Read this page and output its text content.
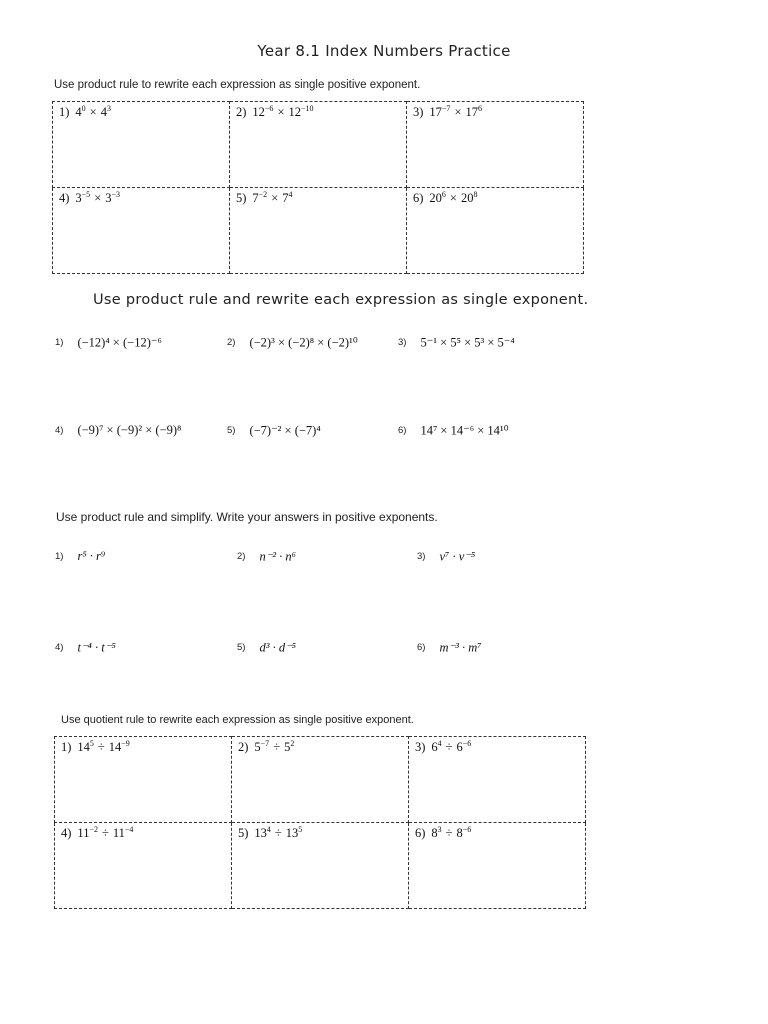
Year 8.1 Index Numbers Practice
Use product rule to rewrite each expression as single positive exponent.
1) $4^0 \times 4^3$	2) $12^{-6} \times 12^{-10}$	3) $17^{-7} \times 17^6$
4) $3^{-5} \times 3^{-3}$	5) $7^{-2} \times 7^4$	6) $20^6 \times 20^8$
Use product rule and rewrite each expression as single exponent.
1) (−12)⁴ × (−12)⁻⁶	2) (−2)³ × (−2)⁸ × (−2)¹⁰	3) 5⁻¹ × 5⁵ × 5³ × 5⁻⁴
4) (−9)⁷ × (−9)² × (−9)⁸	5) (−7)⁻² × (−7)⁴	6) 14⁷ × 14⁻⁶ × 14¹⁰
Use product rule and simplify. Write your answers in positive exponents.
1) r⁵ · r⁹	2) n⁻² · n⁶	3) v⁷ · v⁻⁵
4) t⁻⁴ · t⁻⁵	5) d³ · d⁻⁵	6) m⁻³ · m⁷
Use quotient rule to rewrite each expression as single positive exponent.
1) $14^5 \div 14^{-9}$	2) $5^{-7} \div 5^2$	3) $6^4 \div 6^{-6}$
4) $11^{-2} \div 11^{-4}$	5) $13^4 \div 13^5$	6) $8^3 \div 8^{-6}$
